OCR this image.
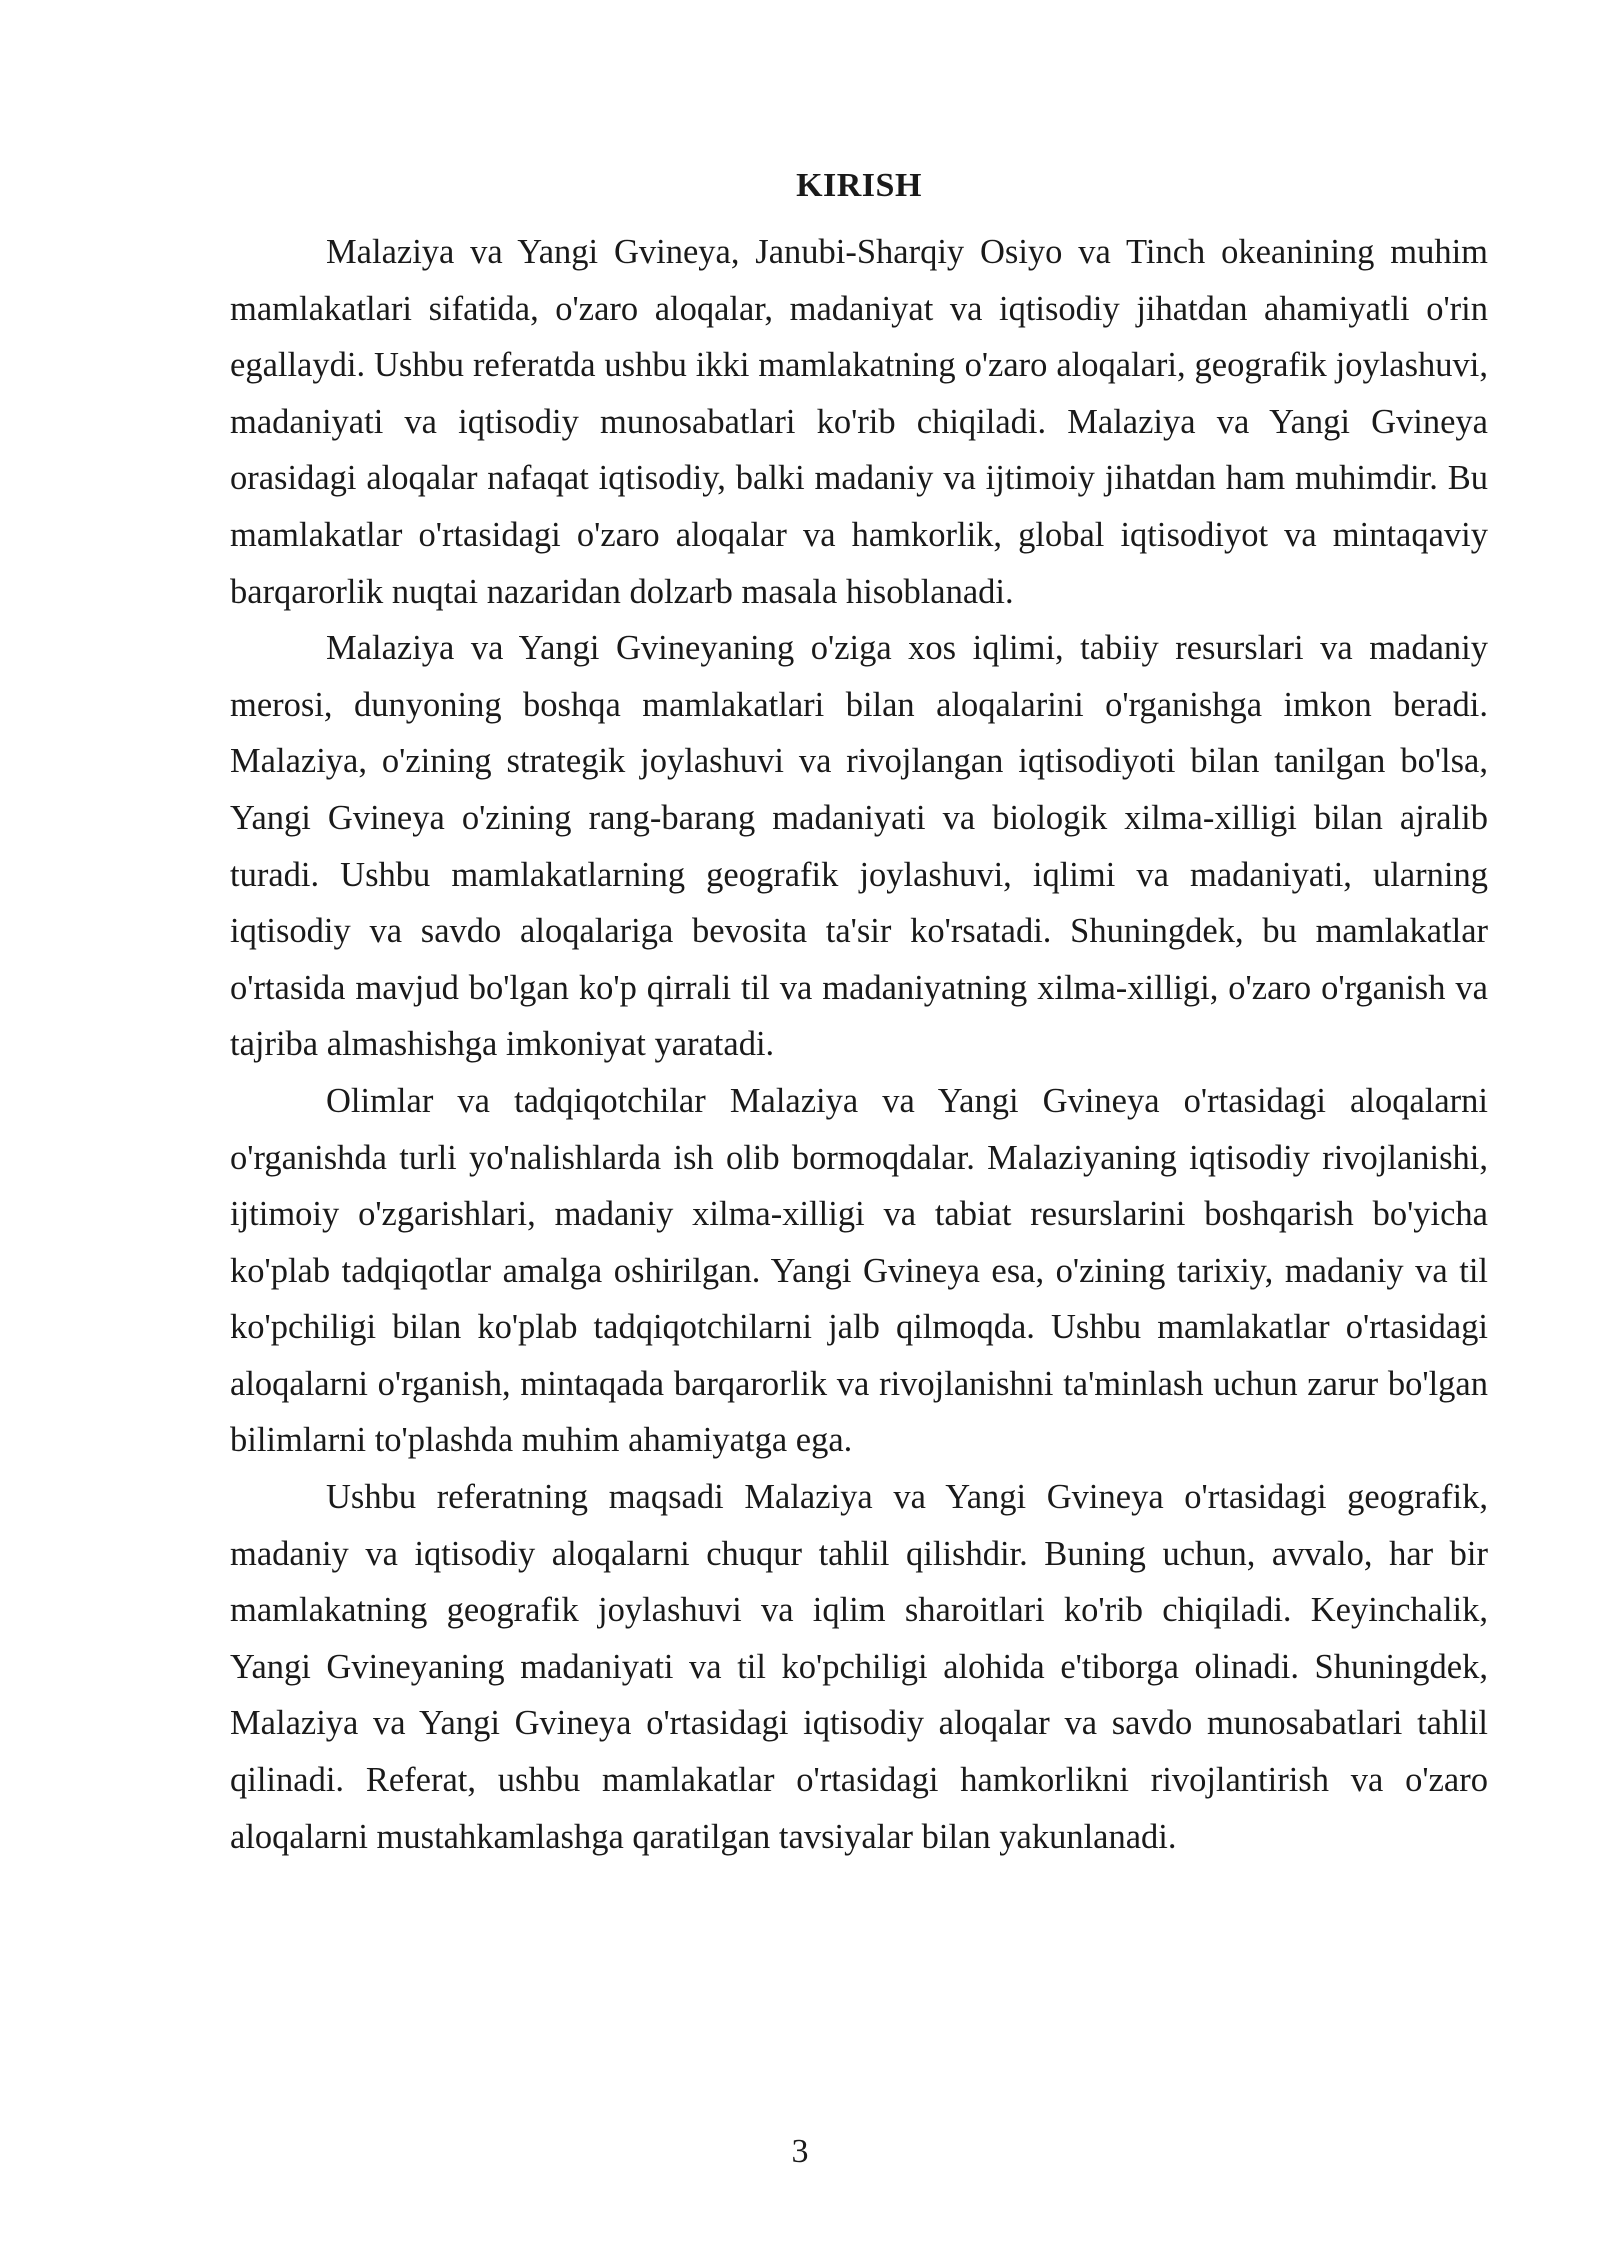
KIRISH

Malaziya va Yangi Gvineya, Janubi-Sharqiy Osiyo va Tinch okeanining muhim mamlakatlari sifatida, o'zaro aloqalar, madaniyat va iqtisodiy jihatdan ahamiyatli o'rin egallaydi. Ushbu referatda ushbu ikki mamlakatning o'zaro aloqalari, geografik joylashuvi, madaniyati va iqtisodiy munosabatlari ko'rib chiqiladi. Malaziya va Yangi Gvineya orasidagi aloqalar nafaqat iqtisodiy, balki madaniy va ijtimoiy jihatdan ham muhimdir. Bu mamlakatlar o'rtasidagi o'zaro aloqalar va hamkorlik, global iqtisodiyot va mintaqaviy barqarorlik nuqtai nazaridan dolzarb masala hisoblanadi.

Malaziya va Yangi Gvineyaning o'ziga xos iqlimi, tabiiy resurslari va madaniy merosi, dunyoning boshqa mamlakatlari bilan aloqalarini o'rganishga imkon beradi. Malaziya, o'zining strategik joylashuvi va rivojlangan iqtisodiyoti bilan tanilgan bo'lsa, Yangi Gvineya o'zining rang-barang madaniyati va biologik xilma-xilligi bilan ajralib turadi. Ushbu mamlakatlarning geografik joylashuvi, iqlimi va madaniyati, ularning iqtisodiy va savdo aloqalariga bevosita ta'sir ko'rsatadi. Shuningdek, bu mamlakatlar o'rtasida mavjud bo'lgan ko'p qirrali til va madaniyatning xilma-xilligi, o'zaro o'rganish va tajriba almashishga imkoniyat yaratadi.

Olimlar va tadqiqotchilar Malaziya va Yangi Gvineya o'rtasidagi aloqalarni o'rganishda turli yo'nalishlarda ish olib bormoqdalar. Malaziyaning iqtisodiy rivojlanishi, ijtimoiy o'zgarishlari, madaniy xilma-xilligi va tabiat resurslarini boshqarish bo'yicha ko'plab tadqiqotlar amalga oshirilgan. Yangi Gvineya esa, o'zining tarixiy, madaniy va til ko'pchiligi bilan ko'plab tadqiqotchilarni jalb qilmoqda. Ushbu mamlakatlar o'rtasidagi aloqalarni o'rganish, mintaqada barqarorlik va rivojlanishni ta'minlash uchun zarur bo'lgan bilimlarni to'plashda muhim ahamiyatga ega.

Ushbu referatning maqsadi Malaziya va Yangi Gvineya o'rtasidagi geografik, madaniy va iqtisodiy aloqalarni chuqur tahlil qilishdir. Buning uchun, avvalo, har bir mamlakatning geografik joylashuvi va iqlim sharoitlari ko'rib chiqiladi. Keyinchalik, Yangi Gvineyaning madaniyati va til ko'pchiligi alohida e'tiborga olinadi. Shuningdek, Malaziya va Yangi Gvineya o'rtasidagi iqtisodiy aloqalar va savdo munosabatlari tahlil qilinadi. Referat, ushbu mamlakatlar o'rtasidagi hamkorlikni rivojlantirish va o'zaro aloqalarni mustahkamlashga qaratilgan tavsiyalar bilan yakunlanadi.

3
